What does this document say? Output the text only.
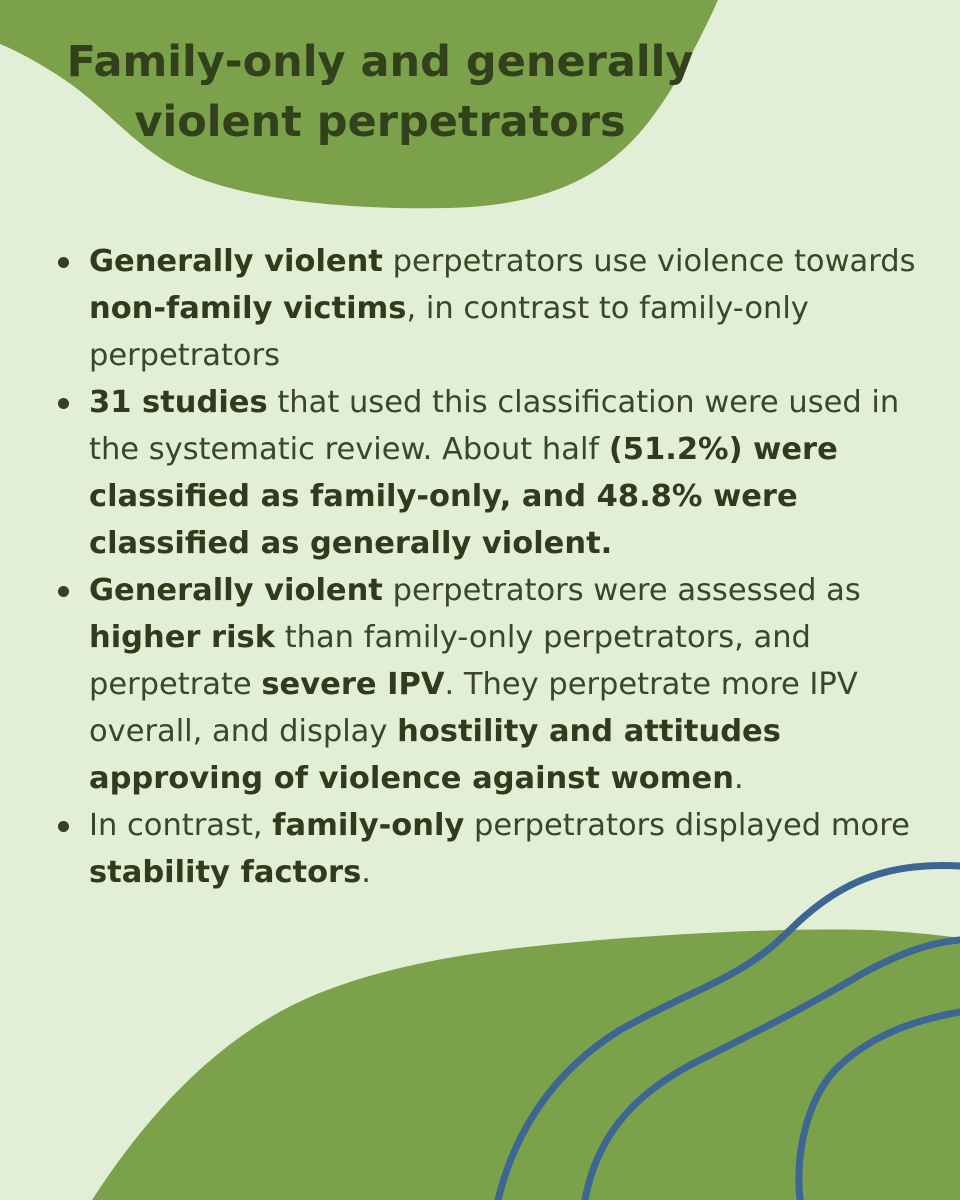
Family-only and generally
violent perpetrators
Generally violent perpetrators use violence towards non-family victims, in contrast to family-only perpetrators
31 studies that used this classification were used in the systematic review. About half (51.2%) were classified as family-only, and 48.8% were classified as generally violent.
Generally violent perpetrators were assessed as higher risk than family-only perpetrators, and perpetrate severe IPV. They perpetrate more IPV overall, and display hostility and attitudes approving of violence against women.
In contrast, family-only perpetrators displayed more stability factors.
